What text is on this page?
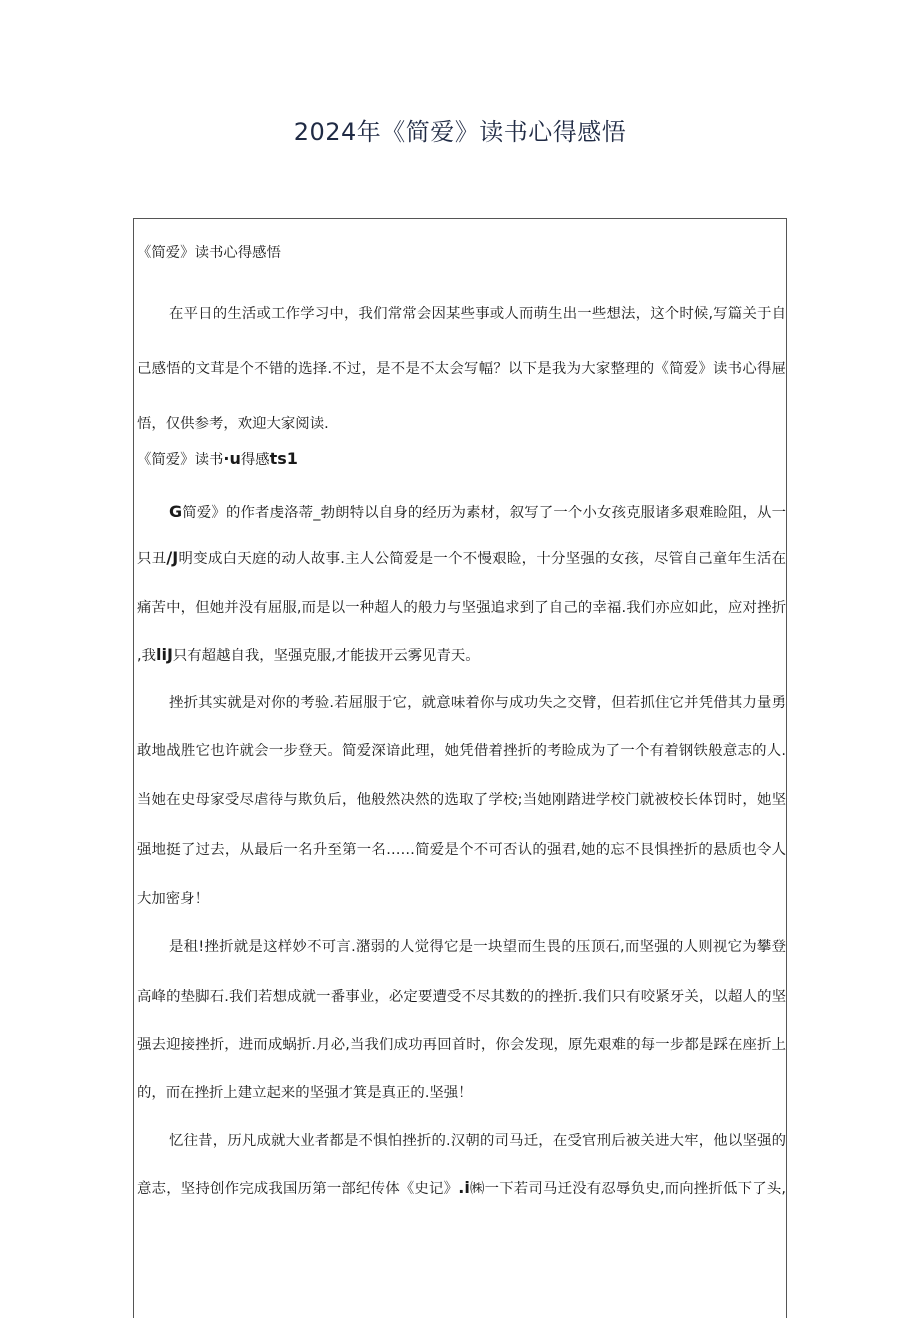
2024年《简爱》读书心得感悟
《简爱》读书心得感悟
在平日的生活或工作学习中，我们常常会因某些事或人而萌生出一些想法，这个时候,写篇关于自
己感悟的文茸是个不错的选择.不过，是不是不太会写幅？以下是我为大家整理的《简爱》读书心得屉
悟，仅供参考，欢迎大家阅读.
《简爱》读书·u得感ts1
G简爱》的作者虔洛蒂_勃朗特以自身的经历为素材，叙写了一个小女孩克服诸多艰难睑阻，从一
只丑/J明变成白天庭的动人故事.主人公简爱是一个不慢艰睑，十分坚强的女孩，尽管自己童年生活在
痛苦中，但她并没有屈服,而是以一种超人的般力与坚强追求到了自己的幸福.我们亦应如此，应对挫折
,我liJ只有超越自我，坚强克服,才能拔开云雾见青天。
挫折其实就是对你的考验.若屈服于它，就意味着你与成功失之交臂，但若抓住它并凭借其力量勇
敢地战胜它也许就会一步登天。简爱深谙此理，她凭借着挫折的考睑成为了一个有着钢铁般意志的人.
当她在史母家受尽虐待与欺负后，他般然决然的选取了学校;当她刚踏进学校门就被校长体罚时，她坚
强地挺了过去，从最后一名升至第一名……简爱是个不可否认的强君,她的忘不艮惧挫折的悬质也令人
大加密身！
是租!挫折就是这样妙不可言.潴弱的人觉得它是一块望而生畏的压顶石,而坚强的人则视它为攀登
高峰的垫脚石.我们若想成就一番事业，必定要遭受不尽其数的的挫折.我们只有咬紧牙关，以超人的坚
强去迎接挫折，进而成蜗折.月必,当我们成功再回首时，你会发现，原先艰难的每一步都是踩在座折上
的，而在挫折上建立起来的坚强才箕是真正的.坚强！
忆往昔，历凡成就大业者都是不惧怕挫折的.汉朝的司马迁，在受官刑后被关进大牢，他以坚强的
意志，坚持创作完成我国历第一部纪传体《史记》.i㈱一下若司马迁没有忍辱负史,而向挫折低下了头,
